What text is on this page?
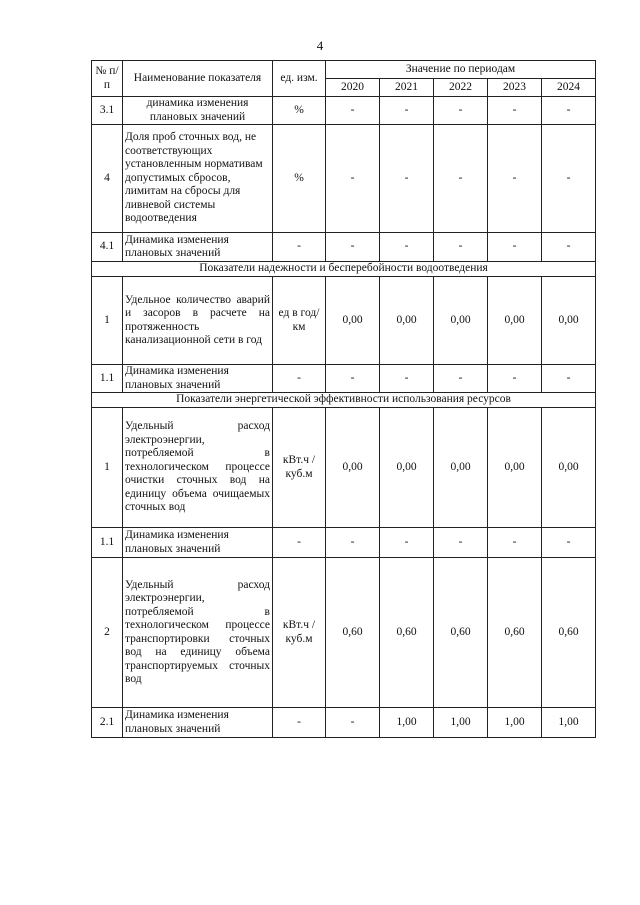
4
№ п/п	Наименование показателя	ед. изм.	Значение по периодам				
			2020	2021	2022	2023	2024
3.1	динамика изменения плановых значений	%	-	-	-	-	-
4	Доля проб сточных вод, не соответствующих установленным нормативам допустимых сбросов, лимитам на сбросы для ливневой системы водоотведения	%	-	-	-	-	-
4.1	Динамика изменения плановых значений	-	-	-	-	-	-
Показатели надежности и бесперебойности водоотведения							
1	Удельное количество аварий и засоров в расчете на протяженность канализационной сети в год	ед в год/ км	0,00	0,00	0,00	0,00	0,00
1.1	Динамика изменения плановых значений	-	-	-	-	-	-
Показатели энергетической эффективности использования ресурсов							
1	Удельный расход электроэнергии, потребляемой в технологическом процессе очистки сточных вод на единицу объема очищаемых сточных вод	кВт.ч / куб.м	0,00	0,00	0,00	0,00	0,00
1.1	Динамика изменения плановых значений	-	-	-	-	-	-
2	Удельный расход электроэнергии, потребляемой в технологическом процессе транспортировки сточных вод на единицу объема транспортируемых сточных вод	кВт.ч / куб.м	0,60	0,60	0,60	0,60	0,60
2.1	Динамика изменения плановых значений	-	-	1,00	1,00	1,00	1,00
